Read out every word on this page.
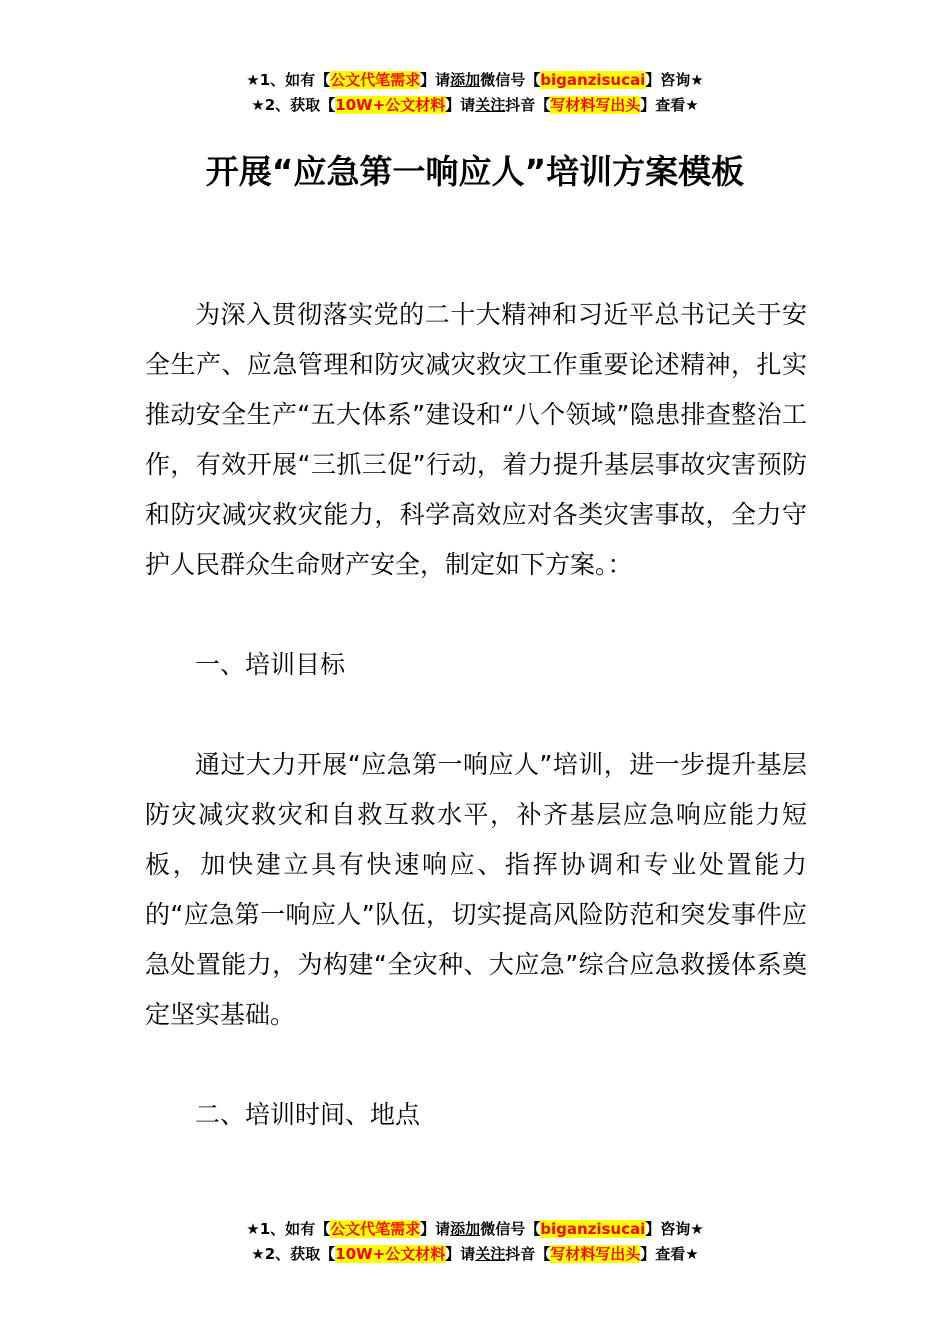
★1、如有【公文代笔需求】请添加微信号【biganzisucai】咨询★
★2、获取【10W+公文材料】请关注抖音【写材料写出头】查看★
开展“应急第一响应人”培训方案模板

为深入贯彻落实党的二十大精神和习近平总书记关于安全生产、应急管理和防灾减灾救灾工作重要论述精神，扎实推动安全生产“五大体系”建设和“八个领域”隐患排查整治工作，有效开展“三抓三促”行动，着力提升基层事故灾害预防和防灾减灾救灾能力，科学高效应对各类灾害事故，全力守护人民群众生命财产安全，制定如下方案。：

一、培训目标

通过大力开展“应急第一响应人”培训，进一步提升基层防灾减灾救灾和自救互救水平，补齐基层应急响应能力短板，加快建立具有快速响应、指挥协调和专业处置能力的“应急第一响应人”队伍，切实提高风险防范和突发事件应急处置能力，为构建“全灾种、大应急”综合应急救援体系奠定坚实基础。

二、培训时间、地点

★1、如有【公文代笔需求】请添加微信号【biganzisucai】咨询★
★2、获取【10W+公文材料】请关注抖音【写材料写出头】查看★
